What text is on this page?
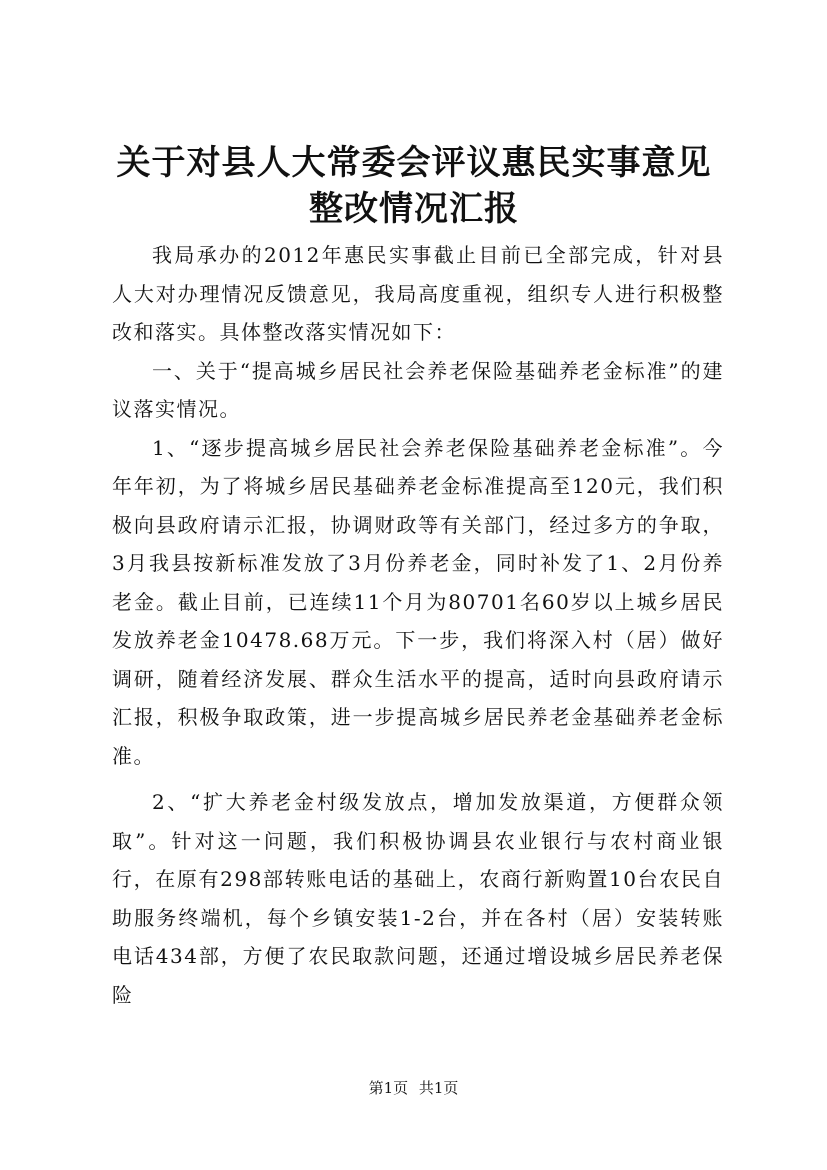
关于对县人大常委会评议惠民实事意见整改情况汇报

我局承办的2012年惠民实事截止目前已全部完成，针对县人大对办理情况反馈意见，我局高度重视，组织专人进行积极整改和落实。具体整改落实情况如下：

一、关于“提高城乡居民社会养老保险基础养老金标准”的建议落实情况。

1、“逐步提高城乡居民社会养老保险基础养老金标准”。今年年初，为了将城乡居民基础养老金标准提高至120元，我们积极向县政府请示汇报，协调财政等有关部门，经过多方的争取，3月我县按新标准发放了3月份养老金，同时补发了1、2月份养老金。截止目前，已连续11个月为80701名60岁以上城乡居民发放养老金10478.68万元。下一步，我们将深入村（居）做好调研，随着经济发展、群众生活水平的提高，适时向县政府请示汇报，积极争取政策，进一步提高城乡居民养老金基础养老金标准。

2、“扩大养老金村级发放点，增加发放渠道，方便群众领取”。针对这一问题，我们积极协调县农业银行与农村商业银行，在原有298部转账电话的基础上，农商行新购置10台农民自助服务终端机，每个乡镇安装1-2台，并在各村（居）安装转账电话434部，方便了农民取款问题，还通过增设城乡居民养老保险

第1页 共1页
